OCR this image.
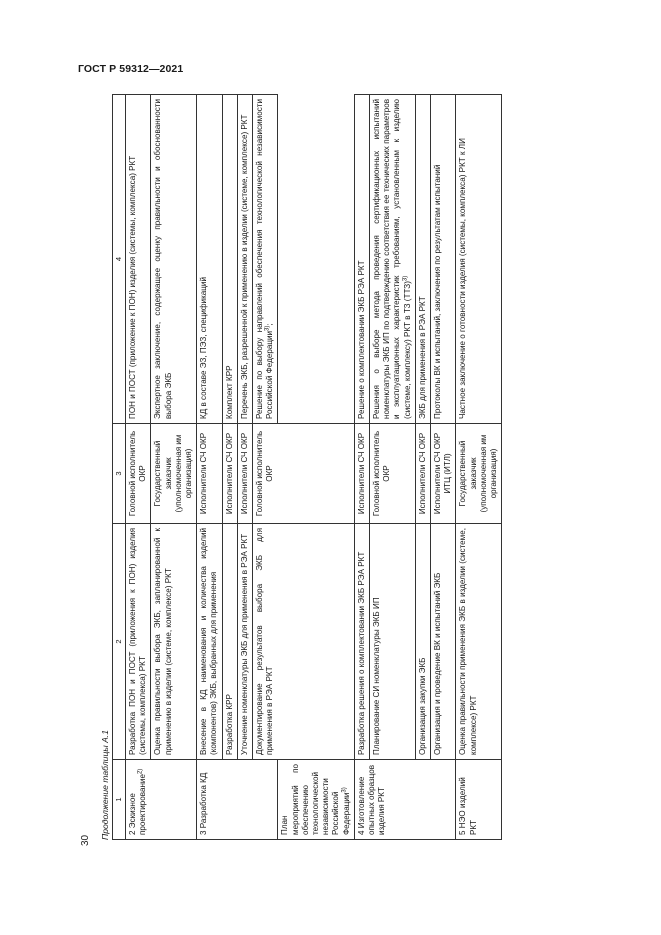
ГОСТ Р 59312—2021
30
Продолжение таблицы А.1 1	2	3	4
2 Эскизное проектирование$^{2)}$	Разработка ПОН и ПОСТ (приложения к ПОН) изделия (системы, комплекса) РКТ	Головной исполнитель ОКР	ПОН и ПОСТ (приложение к ПОН) изделия (системы, комплекса) РКТ
	Оценка правильности выбора ЭКБ, запланированной к применению в изделии (системе, комплексе) РКТ	Государственный заказчик (уполномоченная им организация)	Экспертное заключение, содержащее оценку правильности и обоснованности выбора ЭКБ
3 Разработка КД	Внесение в КД наименования и количества изделий (компонентов) ЭКБ, выбранных для применения	Исполнители СЧ ОКР	КД в составе ЭЗ, ПЭЗ, спецификаций
	Разработка КРР	Исполнители СЧ ОКР	Комплект КРР
	Уточнение номенклатуры ЭКБ для применения в РЭА РКТ	Исполнители СЧ ОКР	Перечень ЭКБ, разрешенной к применению в изделии (системе, комплексе) РКТ
	Документирование результатов выбора ЭКБ для применения в РЭА РКТ	Головной исполнитель ОКР	Решение по выбору направлений обеспечения технологической независимости Российской Федерации$^{3)}$;
План мероприятий по обеспечению технологической независимости Российской Федерации$^{3)}$
4 Изготовление опытных образцов изделия РКТ	Разработка решения о комплектовании ЭКБ РЭА РКТ	Исполнители СЧ ОКР	Решение о комплектовании ЭКБ РЭА РКТ
	Планирование СИ номенклатуры ЭКБ ИП	Головной исполнитель ОКР	Решения о выборе метода проведения сертификационных испытаний номенклатуры ЭКБ ИП по подтверждению соответствия ее технических параметров и эксплуатационных характеристик требованиям, установленным к изделию (системе, комплексу) РКТ в ТЗ (ТТЗ)$^{3)}$
	Организация закупки ЭКБ	Исполнители СЧ ОКР	ЭКБ для применения в РЭА РКТ
	Организация и проведение ВК и испытаний ЭКБ	Исполнители СЧ ОКР ИТЦ (ИТЛ)	Протоколы ВК и испытаний, заключения по результатам испытаний
5 НЭО изделий РКТ	Оценка правильности применения ЭКБ в изделии (системе, комплексе) РКТ	Государственный заказчик (уполномоченная им организация)	Частное заключение о готовности изделия (системы, комплекса) РКТ к ЛИ
